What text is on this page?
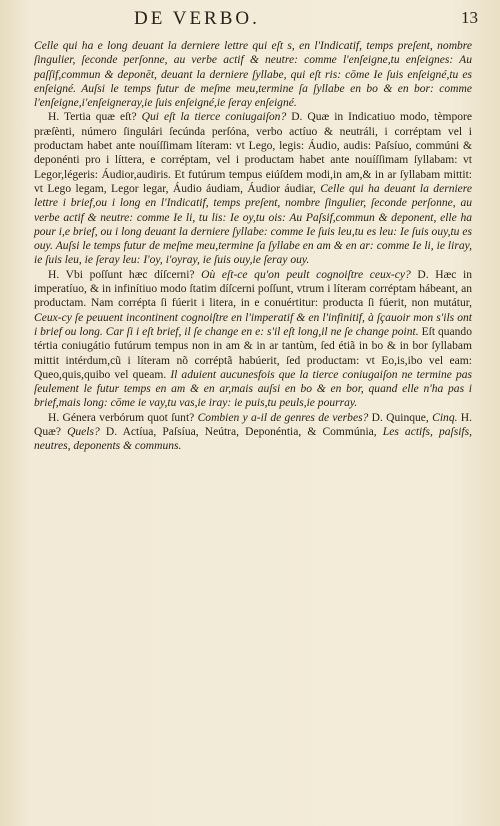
DE VERBO.	13

Celle qui ha e long deuant la derniere lettre qui eſt s, en l'Indicatif, temps preſent, nombre ſingulier, ſeconde perſonne, au verbe actif & neutre: comme l'enſeigne,tu enſeignes: Au paſſif,commun & deponēt, deuant la derniere ſyllabe, qui eſt ris: cōme Ie ſuis enſeigné,tu es enſeigné. Auſsi le temps futur de meſme meu,termine ſa ſyllabe en bo & en bor: comme l'enſeigne,i'enſeigneray,ie ſuis enſeigné,ie ſeray enſeigné.

H. Tertia quæ eſt? Qui eſt la tierce coniugaiſon? D. Quæ in Indicatiuo modo, tèmpore præſènti, número ſingulári ſecúnda perſóna, verbo actíuo & neutráli, i corréptam vel i productam habet ante nouíſſimam líteram: vt Lego, legis: Áudio, audis: Paſsíuo, commúni & deponénti pro i líttera, e corréptam, vel i productam habet ante nouíſſimam ſyllabam: vt Legor,légeris: Áudior,audiris. Et futúrum tempus eiúſdem modi,in am,& in ar ſyllabam mittit: vt Lego legam, Legor legar, Áudio áudiam, Áudior áudiar, Celle qui ha deuant la derniere lettre i brief,ou i long en l'Indicatif, temps preſent, nombre ſingulier, ſeconde perſonne, au verbe actif & neutre: comme Ie li, tu lis: Ie oy,tu ois: Au Paſsif,commun & deponent, elle ha pour i,e brief, ou i long deuant la derniere ſyllabe: comme Ie ſuis leu,tu es leu: Ie ſuis ouy,tu es ouy. Auſsi le temps futur de meſme meu,termine ſa ſyllabe en am & en ar: comme Ie li, ie liray, ie ſuis leu, ie ſeray leu: I'oy, i'oyray, ie ſuis ouy,ie ſeray ouy.

H. Vbi poſſunt hæc díſcerni? Où eſt-ce qu'on peult cognoiſtre ceux-cy? D. Hæc in imperatíuo, & in infinítiuo modo ſtatim díſcerni poſſunt, vtrum i líteram corréptam hábeant, an productam. Nam corrépta ſi fúerit i litera, in e conuértitur: producta ſi fúerit, non mutátur, Ceux-cy ſe peuuent incontinent cognoiſtre en l'imperatif & en l'infinitif, à ſçauoir mon s'ils ont i brief ou long. Car ſi i eſt brief, il ſe change en e: s'il eſt long,il ne ſe change point. Eſt quando tértia coniugátio futúrum tempus non in am & in ar tantùm, ſed étiã in bo & in bor ſyllabam mittit intérdum,cũ i líteram nõ corréptã habúerit, ſed productam: vt Eo,is,ibo vel eam: Queo,quis,quibo vel queam. Il aduient aucunesfois que la tierce coniugaiſon ne termine pas ſeulement le futur temps en am & en ar,mais auſsi en bo & en bor, quand elle n'ha pas i brief,mais long: cōme ie vay,tu vas,ie iray: ie puis,tu peuls,ie pourray.

H. Génera verbórum quot ſunt? Combien y a-il de genres de verbes? D. Quinque, Cinq. H. Quæ? Quels? D. Actíua, Paſsíua, Neútra, Deponéntia, & Commúnia, Les actifs, paſsifs, neutres, deponents & communs.
